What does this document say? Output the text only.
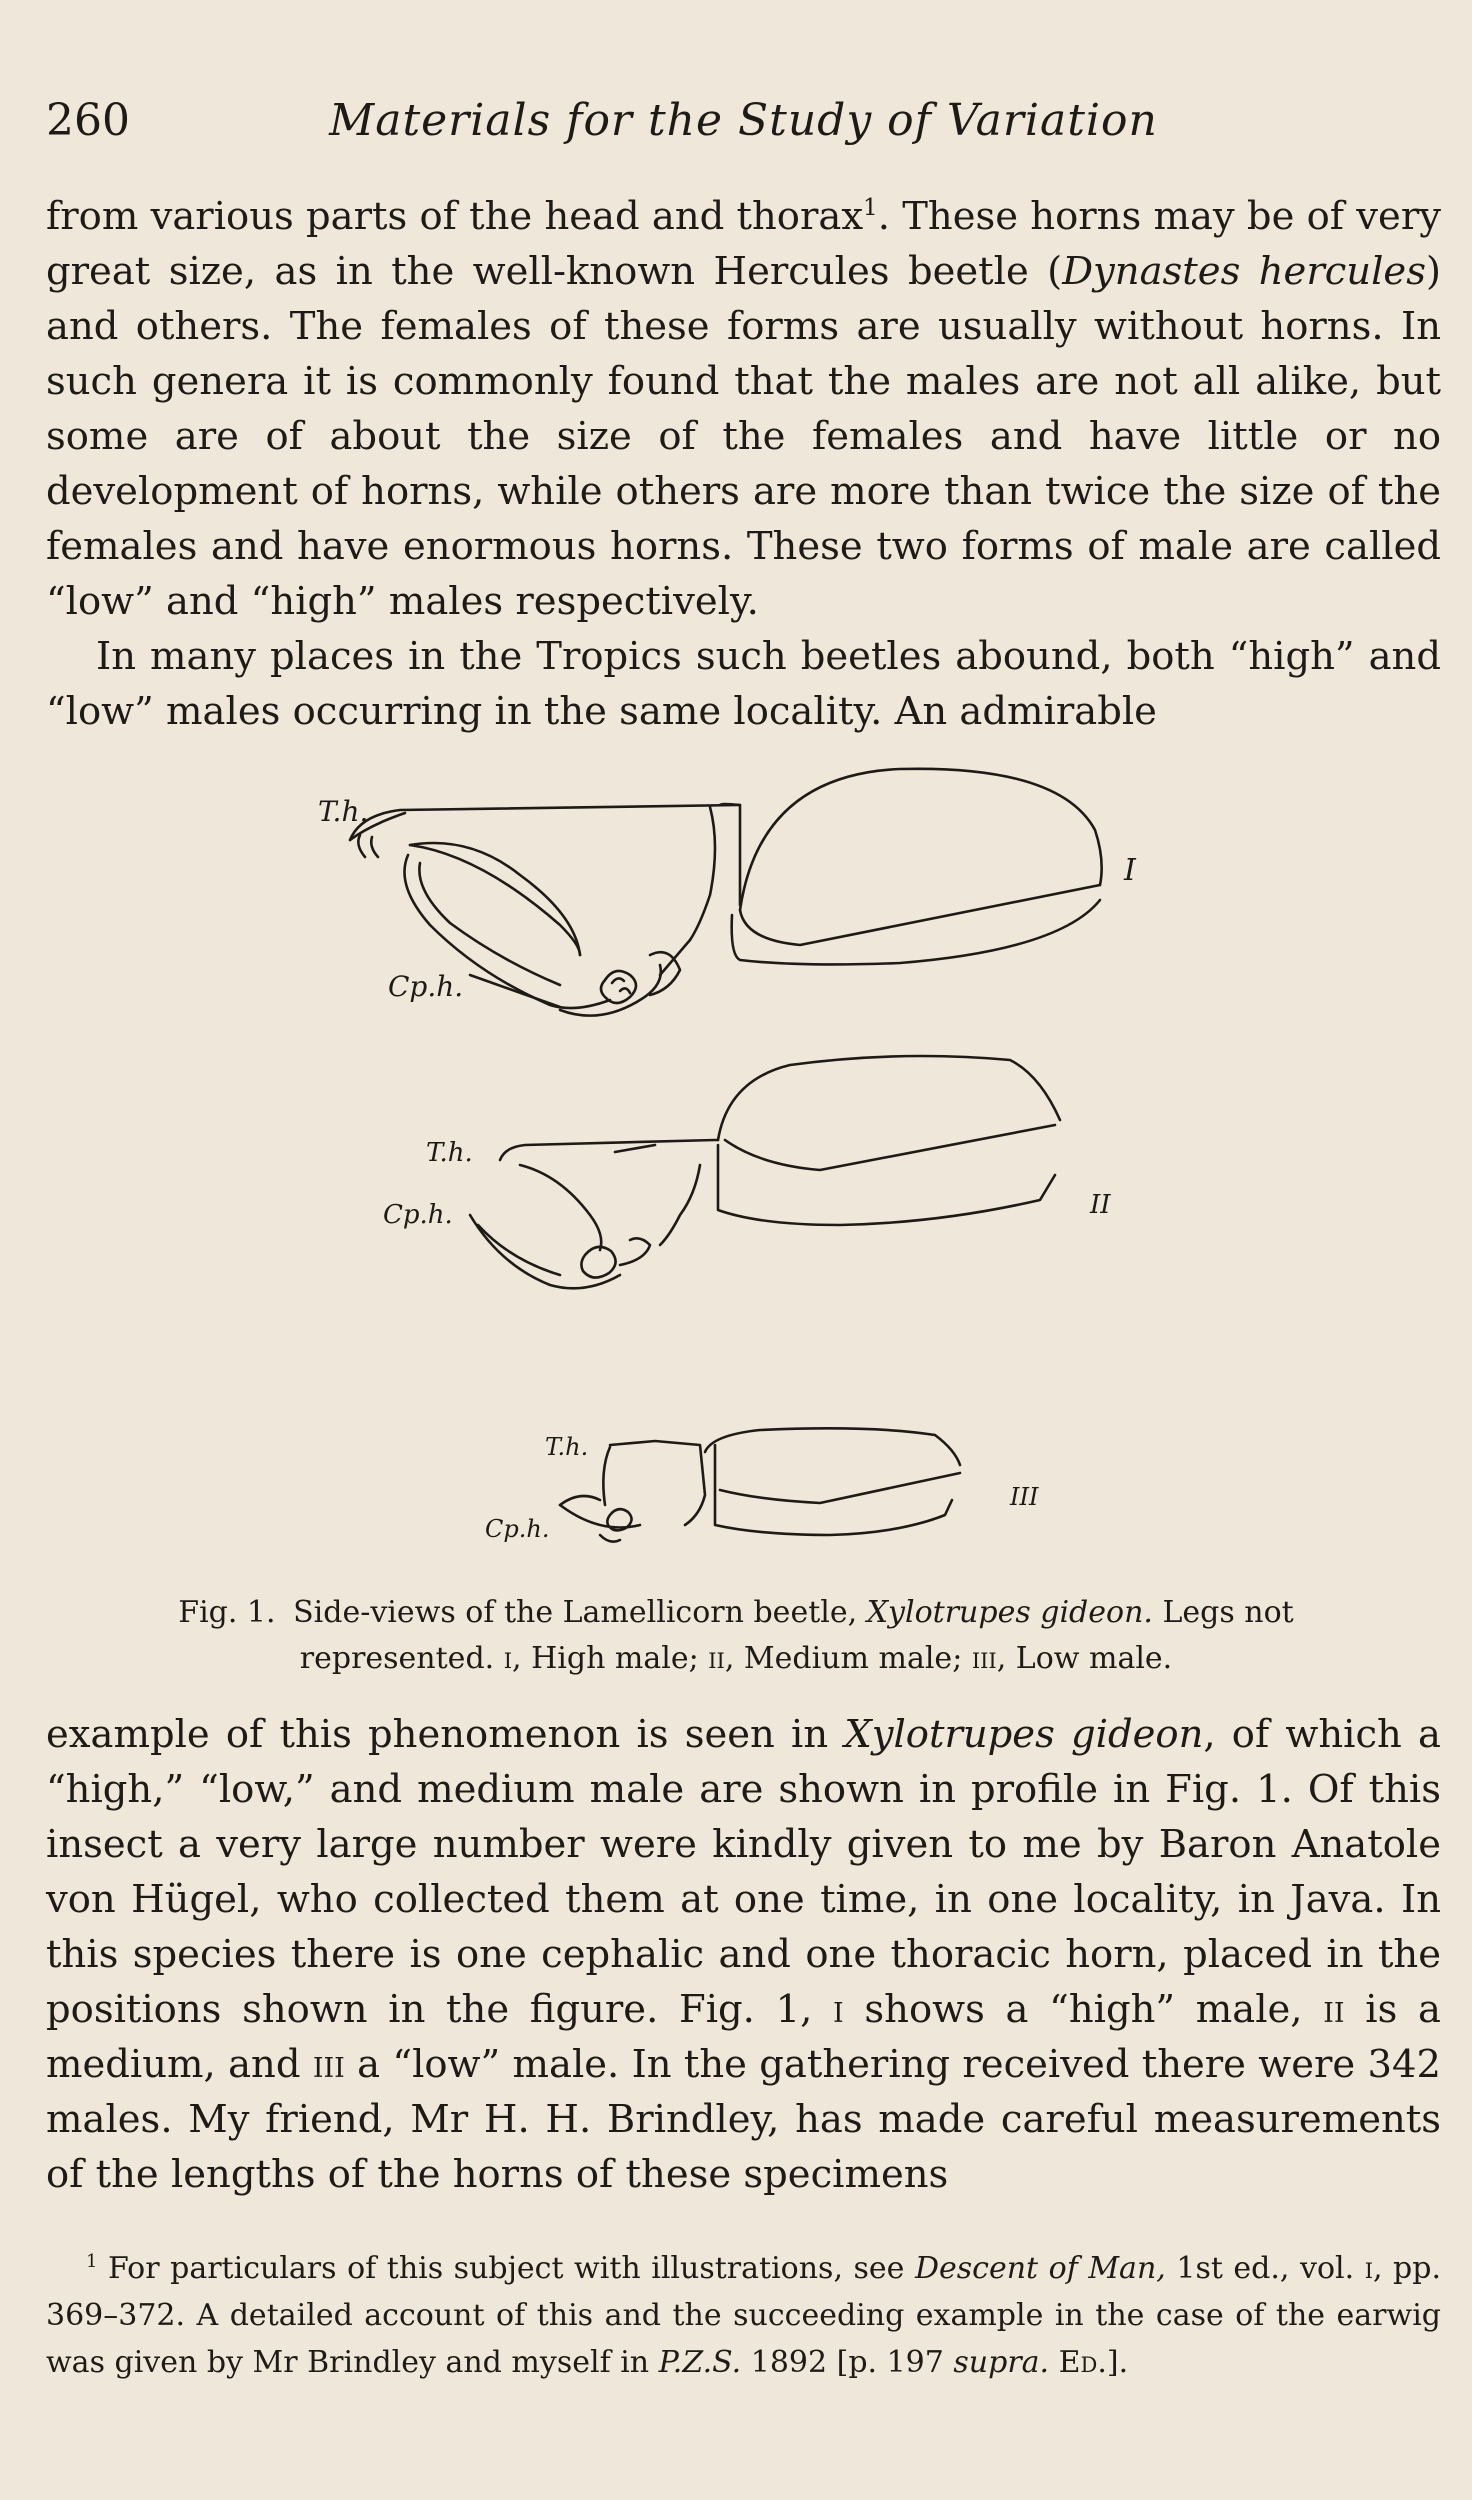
260	Materials for the Study of Variation

from various parts of the head and thorax$^1$. These horns may be of very great size, as in the well-known Hercules beetle (Dynastes hercules) and others. The females of these forms are usually without horns. In such genera it is commonly found that the males are not all alike, but some are of about the size of the females and have little or no development of horns, while others are more than twice the size of the females and have enormous horns. These two forms of male are called “low” and “high” males respectively.

In many places in the Tropics such beetles abound, both “high” and “low” males occurring in the same locality. An admirable

T.h.
Cp.h.
I
T.h.
Cp.h.	II
T.h.
Cp.h.
III
Fig. 1. Side-views of the Lamellicorn beetle, Xylotrupes gideon. Legs not represented. i, High male; ii, Medium male; iii, Low male.

example of this phenomenon is seen in Xylotrupes gideon, of which a “high,” “low,” and medium male are shown in profile in Fig. 1. Of this insect a very large number were kindly given to me by Baron Anatole von Hügel, who collected them at one time, in one locality, in Java. In this species there is one cephalic and one thoracic horn, placed in the positions shown in the figure. Fig. 1, i shows a “high” male, ii is a medium, and iii a “low” male. In the gathering received there were 342 males. My friend, Mr H. H. Brindley, has made careful measurements of the lengths of the horns of these specimens

$^1$ For particulars of this subject with illustrations, see Descent of Man, 1st ed., vol. i, pp. 369–372. A detailed account of this and the succeeding example in the case of the earwig was given by Mr Brindley and myself in P.Z.S. 1892 [p. 197 supra. Ed.].
